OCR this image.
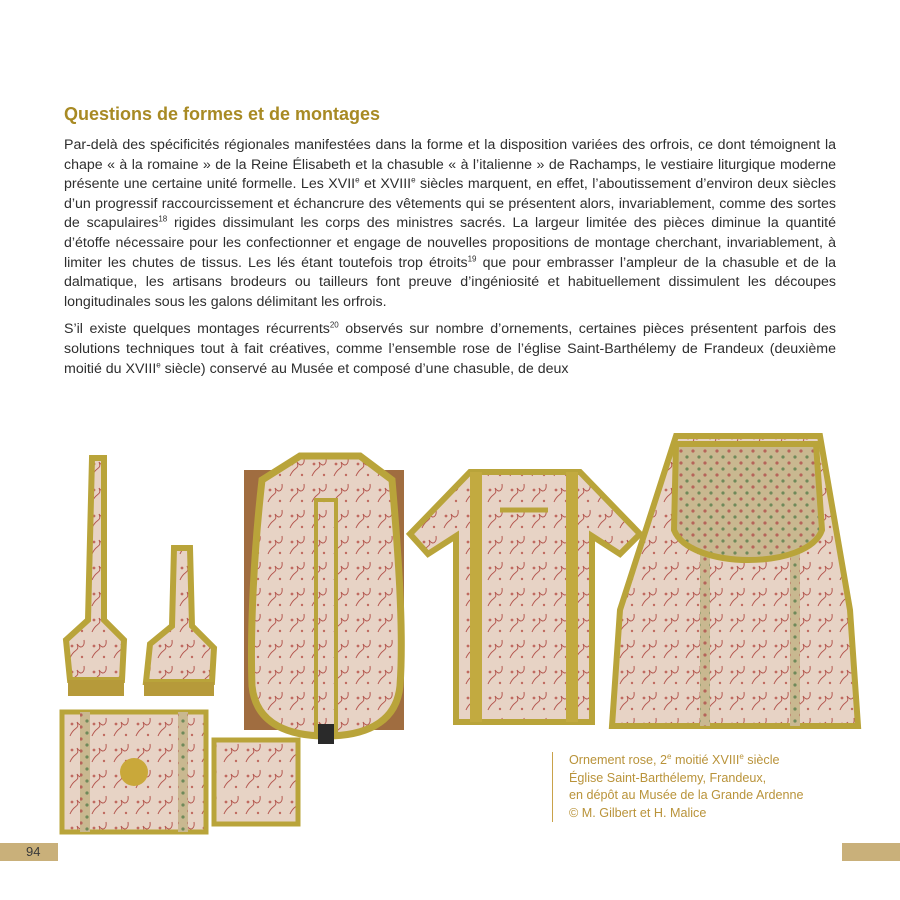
Questions de formes et de montages

Par-delà des spécificités régionales manifestées dans la forme et la disposition variées des orfrois, ce dont témoignent la chape « à la romaine » de la Reine Élisabeth et la chasuble « à l’italienne » de Rachamps, le vestiaire liturgique moderne présente une certaine unité formelle. Les XVIIe et XVIIIe siècles marquent, en effet, l’aboutissement d’environ deux siècles d’un progressif raccourcissement et échancrure des vêtements qui se présentent alors, invariablement, comme des sortes de scapulaires$^{18}$ rigides dissimulant les corps des ministres sacrés. La largeur limitée des pièces diminue la quantité d’étoffe nécessaire pour les confectionner et engage de nouvelles propositions de montage cherchant, invariablement, à limiter les chutes de tissus. Les lés étant toutefois trop étroits$^{19}$ que pour embrasser l’ampleur de la chasuble et de la dalmatique, les artisans brodeurs ou tailleurs font preuve d’ingéniosité et habituellement dissimulent les découpes longitudinales sous les galons délimitant les orfrois.

S’il existe quelques montages récurrents$^{20}$ observés sur nombre d’ornements, certaines pièces présentent parfois des solutions techniques tout à fait créatives, comme l’ensemble rose de l’église Saint-Barthélemy de Frandeux (deuxième moitié du XVIIIe siècle) conservé au Musée et composé d’une chasuble, de deux

Ornement rose, 2e moitié XVIIIe siècle
Église Saint-Barthélemy, Frandeux,
en dépôt au Musée de la Grande Ardenne
© M. Gilbert et H. Malice
94
